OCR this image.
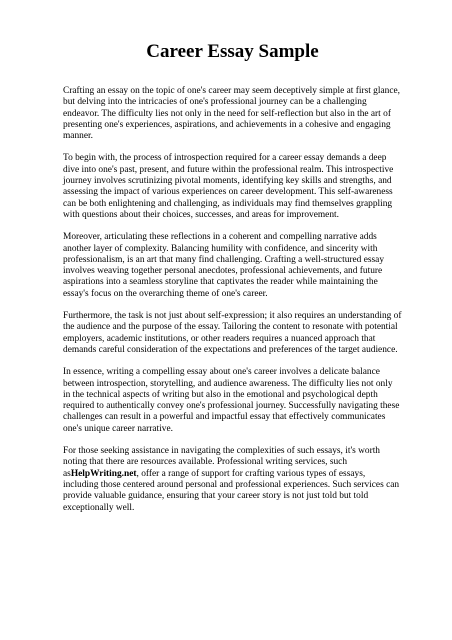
Career Essay Sample

Crafting an essay on the topic of one's career may seem deceptively simple at first glance, but delving into the intricacies of one's professional journey can be a challenging endeavor. The difficulty lies not only in the need for self-reflection but also in the art of presenting one's experiences, aspirations, and achievements in a cohesive and engaging manner.

To begin with, the process of introspection required for a career essay demands a deep dive into one's past, present, and future within the professional realm. This introspective journey involves scrutinizing pivotal moments, identifying key skills and strengths, and assessing the impact of various experiences on career development. This self-awareness can be both enlightening and challenging, as individuals may find themselves grappling with questions about their choices, successes, and areas for improvement.

Moreover, articulating these reflections in a coherent and compelling narrative adds another layer of complexity. Balancing humility with confidence, and sincerity with professionalism, is an art that many find challenging. Crafting a well-structured essay involves weaving together personal anecdotes, professional achievements, and future aspirations into a seamless storyline that captivates the reader while maintaining the essay's focus on the overarching theme of one's career.

Furthermore, the task is not just about self-expression; it also requires an understanding of the audience and the purpose of the essay. Tailoring the content to resonate with potential employers, academic institutions, or other readers requires a nuanced approach that demands careful consideration of the expectations and preferences of the target audience.

In essence, writing a compelling essay about one's career involves a delicate balance between introspection, storytelling, and audience awareness. The difficulty lies not only in the technical aspects of writing but also in the emotional and psychological depth required to authentically convey one's professional journey. Successfully navigating these challenges can result in a powerful and impactful essay that effectively communicates one's unique career narrative.

For those seeking assistance in navigating the complexities of such essays, it's worth noting that there are resources available. Professional writing services, such asHelpWriting.net, offer a range of support for crafting various types of essays, including those centered around personal and professional experiences. Such services can provide valuable guidance, ensuring that your career story is not just told but told exceptionally well.
